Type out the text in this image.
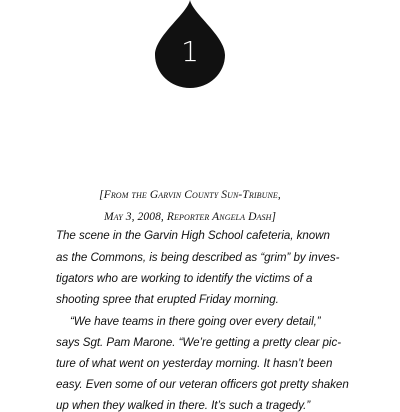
1
[From the Garvin County Sun-Tribune,
May 3, 2008, Reporter Angela Dash]
The scene in the Garvin High School cafeteria, known
as the Commons, is being described as “grim” by inves-
tigators who are working to identify the victims of a
shooting spree that erupted Friday morning.
“We have teams in there going over every detail,”
says Sgt. Pam Marone. “We’re getting a pretty clear pic-
ture of what went on yesterday morning. It hasn’t been
easy. Even some of our veteran officers got pretty shaken
up when they walked in there. It’s such a tragedy.”
